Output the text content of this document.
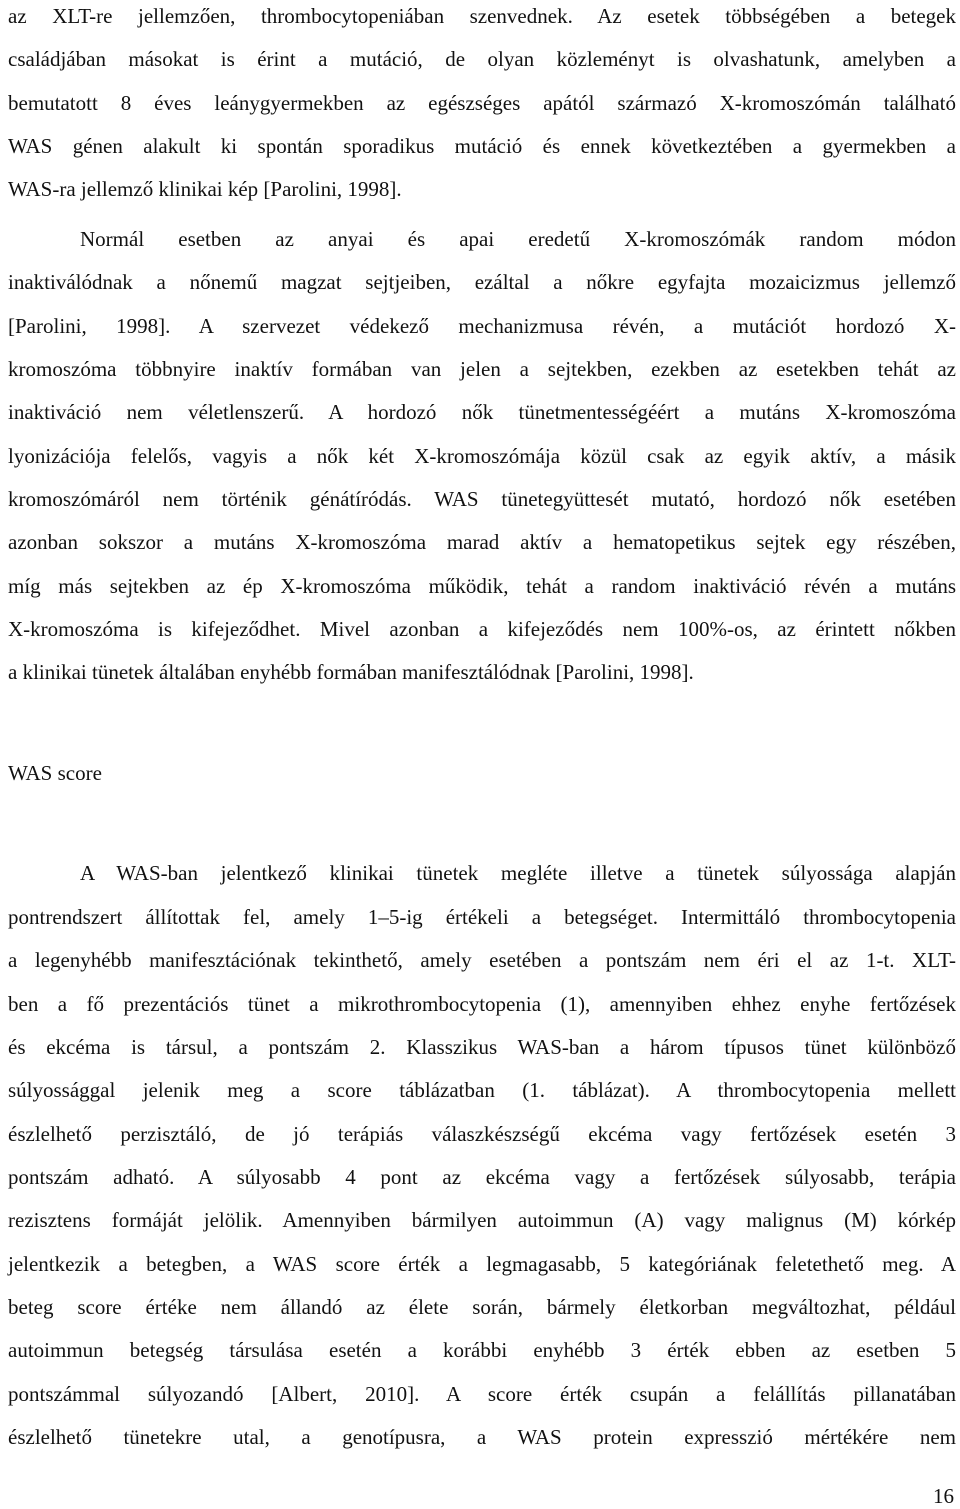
az XLT-re jellemzően, thrombocytopeniában szenvednek. Az esetek többségében a betegek
családjában másokat is érint a mutáció, de olyan közleményt is olvashatunk, amelyben a
bemutatott 8 éves leánygyermekben az egészséges apától származó X-kromoszómán található
WAS génen alakult ki spontán sporadikus mutáció és ennek következtében a gyermekben a
WAS-ra jellemző klinikai kép [Parolini, 1998].
Normál esetben az anyai és apai eredetű X-kromoszómák random módon
inaktiválódnak a nőnemű magzat sejtjeiben, ezáltal a nőkre egyfajta mozaicizmus jellemző
[Parolini, 1998]. A szervezet védekező mechanizmusa révén, a mutációt hordozó X-
kromoszóma többnyire inaktív formában van jelen a sejtekben, ezekben az esetekben tehát az
inaktiváció nem véletlenszerű. A hordozó nők tünetmentességéért a mutáns X-kromoszóma
lyonizációja felelős, vagyis a nők két X-kromoszómája közül csak az egyik aktív, a másik
kromoszómáról nem történik génátíródás. WAS tünetegyüttesét mutató, hordozó nők esetében
azonban sokszor a mutáns X-kromoszóma marad aktív a hematopetikus sejtek egy részében,
míg más sejtekben az ép X-kromoszóma működik, tehát a random inaktiváció révén a mutáns
X-kromoszóma is kifejeződhet. Mivel azonban a kifejeződés nem 100%-os, az érintett nőkben
a klinikai tünetek általában enyhébb formában manifesztálódnak [Parolini, 1998].
WAS score
A WAS-ban jelentkező klinikai tünetek megléte illetve a tünetek súlyossága alapján
pontrendszert állítottak fel, amely 1–5-ig értékeli a betegséget. Intermittáló thrombocytopenia
a legenyhébb manifesztációnak tekinthető, amely esetében a pontszám nem éri el az 1-t. XLT-
ben a fő prezentációs tünet a mikrothrombocytopenia (1), amennyiben ehhez enyhe fertőzések
és ekcéma is társul, a pontszám 2. Klasszikus WAS-ban a három típusos tünet különböző
súlyossággal jelenik meg a score táblázatban (1. táblázat). A thrombocytopenia mellett
észlelhető perzisztáló, de jó terápiás válaszkészségű ekcéma vagy fertőzések esetén 3
pontszám adható. A súlyosabb 4 pont az ekcéma vagy a fertőzések súlyosabb, terápia
rezisztens formáját jelölik. Amennyiben bármilyen autoimmun (A) vagy malignus (M) kórkép
jelentkezik a betegben, a WAS score érték a legmagasabb, 5 kategóriának feletethető meg. A
beteg score értéke nem állandó az élete során, bármely életkorban megváltozhat, például
autoimmun betegség társulása esetén a korábbi enyhébb 3 érték ebben az esetben 5
pontszámmal súlyozandó [Albert, 2010]. A score érték csupán a felállítás pillanatában
észlelhető tünetekre utal, a genotípusra, a WAS protein expresszió mértékére nem
16
